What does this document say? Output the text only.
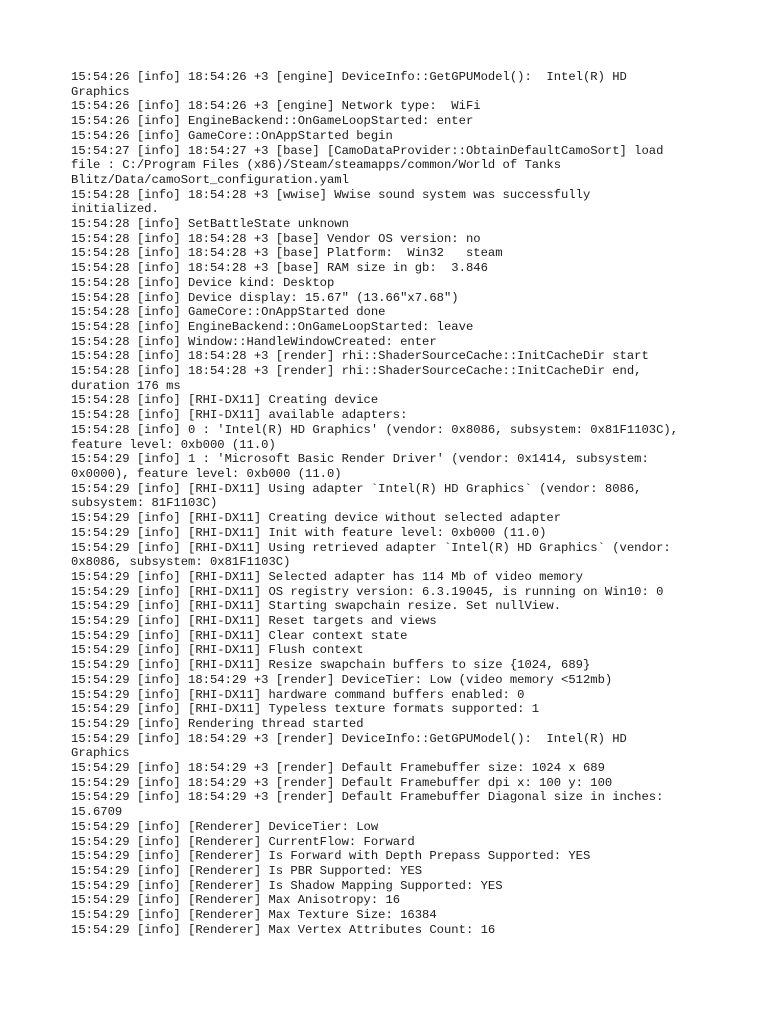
15:54:26 [info] 18:54:26 +3 [engine] DeviceInfo::GetGPUModel():  Intel(R) HD
Graphics
15:54:26 [info] 18:54:26 +3 [engine] Network type:  WiFi
15:54:26 [info] EngineBackend::OnGameLoopStarted: enter
15:54:26 [info] GameCore::OnAppStarted begin
15:54:27 [info] 18:54:27 +3 [base] [CamoDataProvider::ObtainDefaultCamoSort] load
file : C:/Program Files (x86)/Steam/steamapps/common/World of Tanks
Blitz/Data/camoSort_configuration.yaml
15:54:28 [info] 18:54:28 +3 [wwise] Wwise sound system was successfully
initialized.
15:54:28 [info] SetBattleState unknown
15:54:28 [info] 18:54:28 +3 [base] Vendor OS version: no
15:54:28 [info] 18:54:28 +3 [base] Platform:  Win32   steam
15:54:28 [info] 18:54:28 +3 [base] RAM size in gb:  3.846
15:54:28 [info] Device kind: Desktop
15:54:28 [info] Device display: 15.67" (13.66"x7.68")
15:54:28 [info] GameCore::OnAppStarted done
15:54:28 [info] EngineBackend::OnGameLoopStarted: leave
15:54:28 [info] Window::HandleWindowCreated: enter
15:54:28 [info] 18:54:28 +3 [render] rhi::ShaderSourceCache::InitCacheDir start
15:54:28 [info] 18:54:28 +3 [render] rhi::ShaderSourceCache::InitCacheDir end,
duration 176 ms
15:54:28 [info] [RHI-DX11] Creating device
15:54:28 [info] [RHI-DX11] available adapters:
15:54:28 [info] 0 : 'Intel(R) HD Graphics' (vendor: 0x8086, subsystem: 0x81F1103C),
feature level: 0xb000 (11.0)
15:54:29 [info] 1 : 'Microsoft Basic Render Driver' (vendor: 0x1414, subsystem:
0x0000), feature level: 0xb000 (11.0)
15:54:29 [info] [RHI-DX11] Using adapter `Intel(R) HD Graphics` (vendor: 8086,
subsystem: 81F1103C)
15:54:29 [info] [RHI-DX11] Creating device without selected adapter
15:54:29 [info] [RHI-DX11] Init with feature level: 0xb000 (11.0)
15:54:29 [info] [RHI-DX11] Using retrieved adapter `Intel(R) HD Graphics` (vendor:
0x8086, subsystem: 0x81F1103C)
15:54:29 [info] [RHI-DX11] Selected adapter has 114 Mb of video memory
15:54:29 [info] [RHI-DX11] OS registry version: 6.3.19045, is running on Win10: 0
15:54:29 [info] [RHI-DX11] Starting swapchain resize. Set nullView.
15:54:29 [info] [RHI-DX11] Reset targets and views
15:54:29 [info] [RHI-DX11] Clear context state
15:54:29 [info] [RHI-DX11] Flush context
15:54:29 [info] [RHI-DX11] Resize swapchain buffers to size {1024, 689}
15:54:29 [info] 18:54:29 +3 [render] DeviceTier: Low (video memory <512mb)
15:54:29 [info] [RHI-DX11] hardware command buffers enabled: 0
15:54:29 [info] [RHI-DX11] Typeless texture formats supported: 1
15:54:29 [info] Rendering thread started
15:54:29 [info] 18:54:29 +3 [render] DeviceInfo::GetGPUModel():  Intel(R) HD
Graphics
15:54:29 [info] 18:54:29 +3 [render] Default Framebuffer size: 1024 x 689
15:54:29 [info] 18:54:29 +3 [render] Default Framebuffer dpi x: 100 y: 100
15:54:29 [info] 18:54:29 +3 [render] Default Framebuffer Diagonal size in inches:
15.6709
15:54:29 [info] [Renderer] DeviceTier: Low
15:54:29 [info] [Renderer] CurrentFlow: Forward
15:54:29 [info] [Renderer] Is Forward with Depth Prepass Supported: YES
15:54:29 [info] [Renderer] Is PBR Supported: YES
15:54:29 [info] [Renderer] Is Shadow Mapping Supported: YES
15:54:29 [info] [Renderer] Max Anisotropy: 16
15:54:29 [info] [Renderer] Max Texture Size: 16384
15:54:29 [info] [Renderer] Max Vertex Attributes Count: 16
